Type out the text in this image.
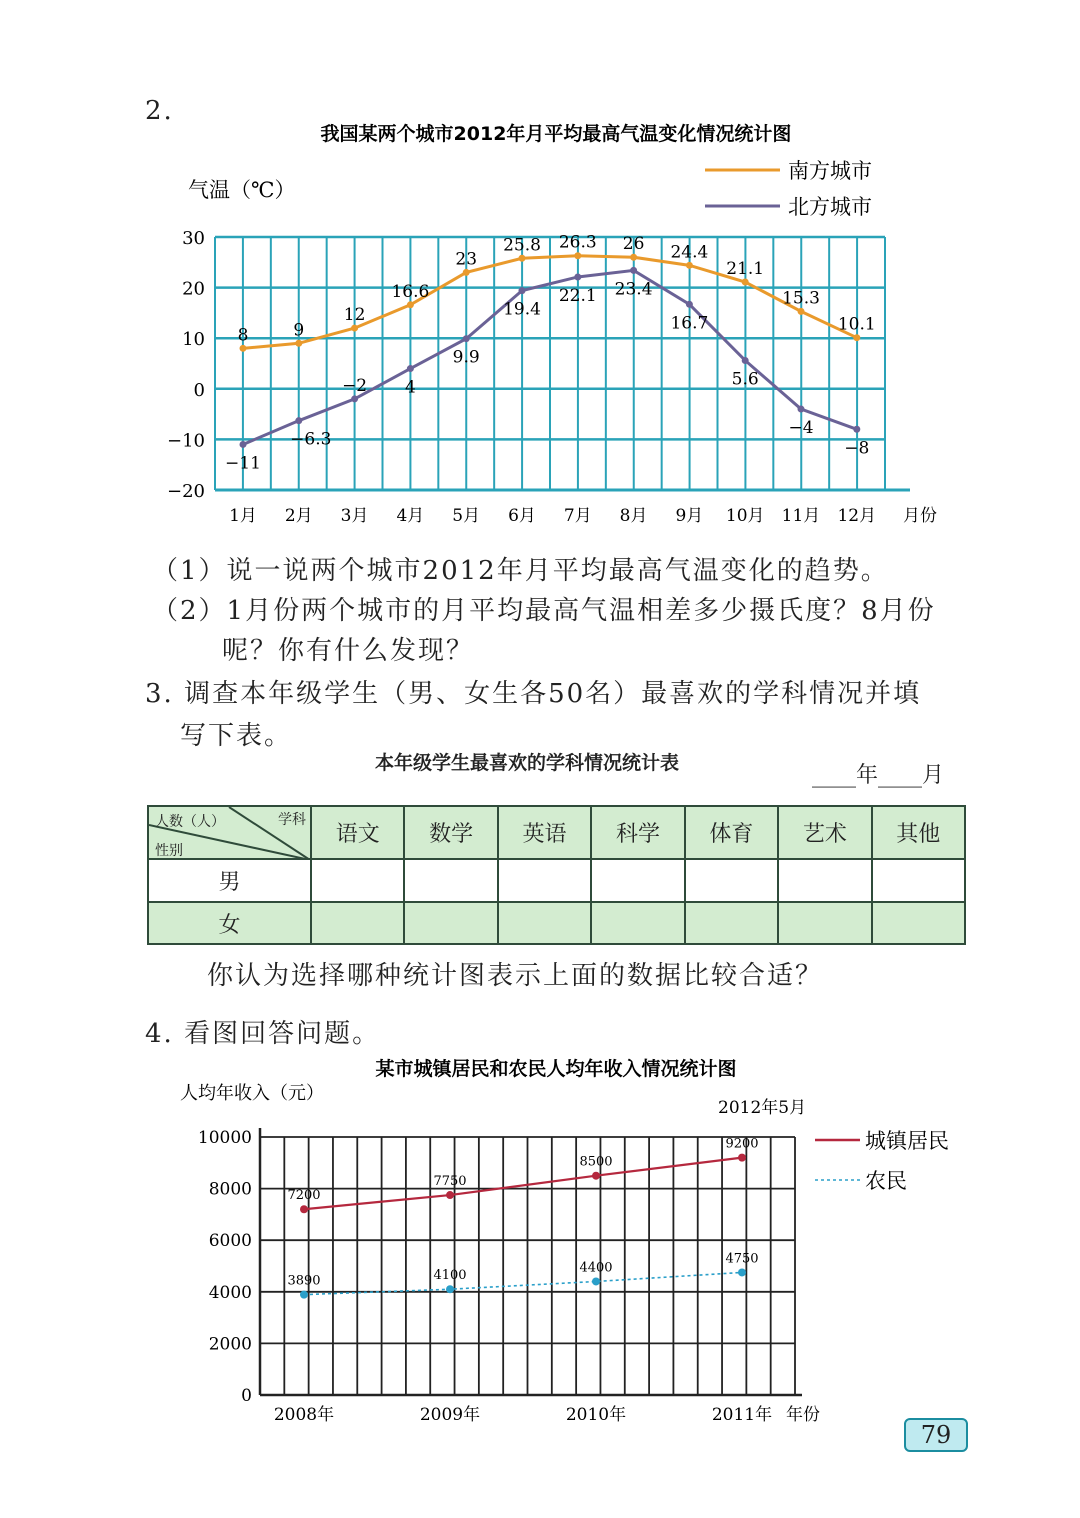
2.
我国某两个城市2012年月平均最高气温变化情况统计图
气温（℃）
30
20
10
0
−10
−20
1月 2月 3月 4月 5月 6月 7月 8月 9月 10月 11月 12月 月份
8	9
12
16.6
23
25.8 26.3 26 24.4
21.1
15.3
10.1
南方城市
−11
−6.3
−2 4
9.9
19.4
22.1 23.4
16.7
5.6
−4
−8
北方城市
某市城镇居民和农民人均年收入情况统计图
人均年收入（元）
2012年5月
10000
8000
6000
4000
2000
0
2008年	2009年	2010年	2011年 年份
7200
7750
8500
9200	城镇居民
3890	4100
4400
4750
农民
（1）说一说两个城市2012年月平均最高气温变化的趋势。
（2）1月份两个城市的月平均最高气温相差多少摄氏度？8月份
呢？你有什么发现？
3. 调查本年级学生（男、女生各50名）最喜欢的学科情况并填
写下表。
本年级学生最喜欢的学科情况统计表	____年____月
人数（人） 学科
性别	语文	数学	英语	科学	体育	艺术	其他
男							
女							
你认为选择哪种统计图表示上面的数据比较合适？
4. 看图回答问题。
79
